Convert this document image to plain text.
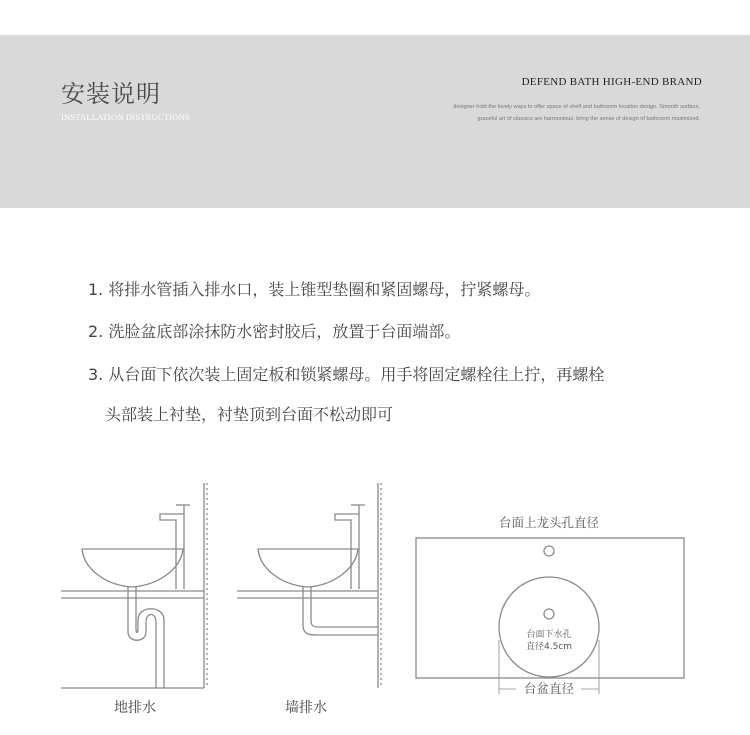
安装说明
INSTALLATION INSTRUCTIONS
DEFEND BATH HIGH-END BRAND
designer hold the lovely ways to offer space of shelf and bathroom location design. Smooth surface,
graceful art of classics are harmonious, bring the sense of design of bathroom maximized.
1. 将排水管插入排水口，装上锥型垫圈和紧固螺母，拧紧螺母。
2. 洗脸盆底部涂抹防水密封胶后，放置于台面端部。
3. 从台面下依次装上固定板和锁紧螺母。用手将固定螺栓往上拧，再螺栓
头部装上衬垫，衬垫顶到台面不松动即可
台面上龙头孔直径
台面下水孔
直径4.5cm
台盆直径
地排水	墙排水
